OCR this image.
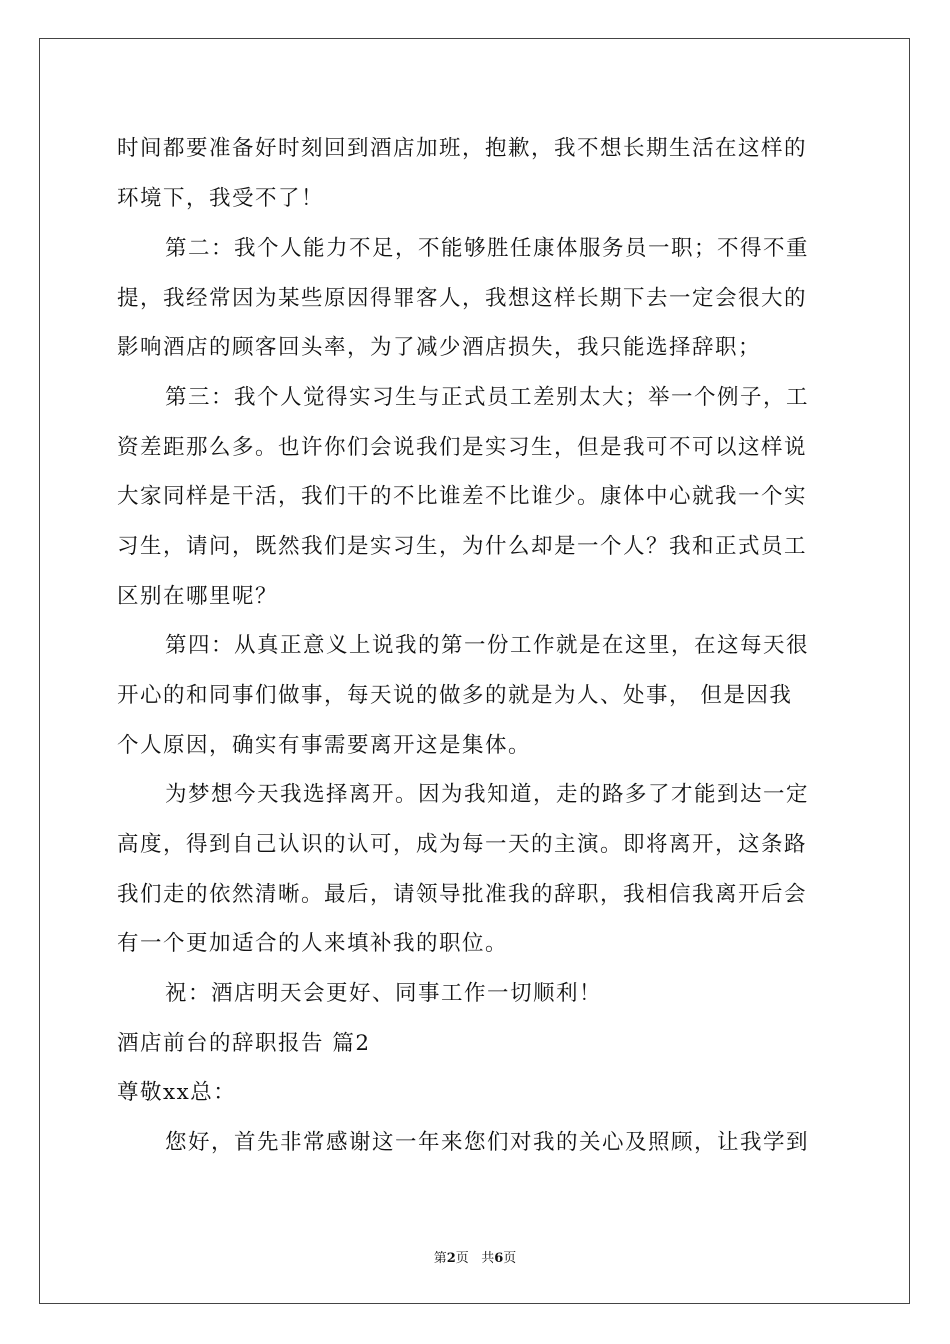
时间都要准备好时刻回到酒店加班，抱歉，我不想长期生活在这样的
环境下，我受不了！
第二：我个人能力不足，不能够胜任康体服务员一职；不得不重
提，我经常因为某些原因得罪客人，我想这样长期下去一定会很大的
影响酒店的顾客回头率，为了减少酒店损失，我只能选择辞职；
第三：我个人觉得实习生与正式员工差别太大；举一个例子，工
资差距那么多。也许你们会说我们是实习生，但是我可不可以这样说
大家同样是干活，我们干的不比谁差不比谁少。康体中心就我一个实
习生，请问，既然我们是实习生，为什么却是一个人？我和正式员工
区别在哪里呢？
第四：从真正意义上说我的第一份工作就是在这里，在这每天很
开心的和同事们做事，每天说的做多的就是为人、处事， 但是因我
个人原因，确实有事需要离开这是集体。
为梦想今天我选择离开。因为我知道，走的路多了才能到达一定
高度，得到自己认识的认可，成为每一天的主演。即将离开，这条路
我们走的依然清晰。最后，请领导批准我的辞职，我相信我离开后会
有一个更加适合的人来填补我的职位。
祝：酒店明天会更好、同事工作一切顺利！
酒店前台的辞职报告 篇2
尊敬xx总：
您好，首先非常感谢这一年来您们对我的关心及照顾，让我学到
第2页 共6页
